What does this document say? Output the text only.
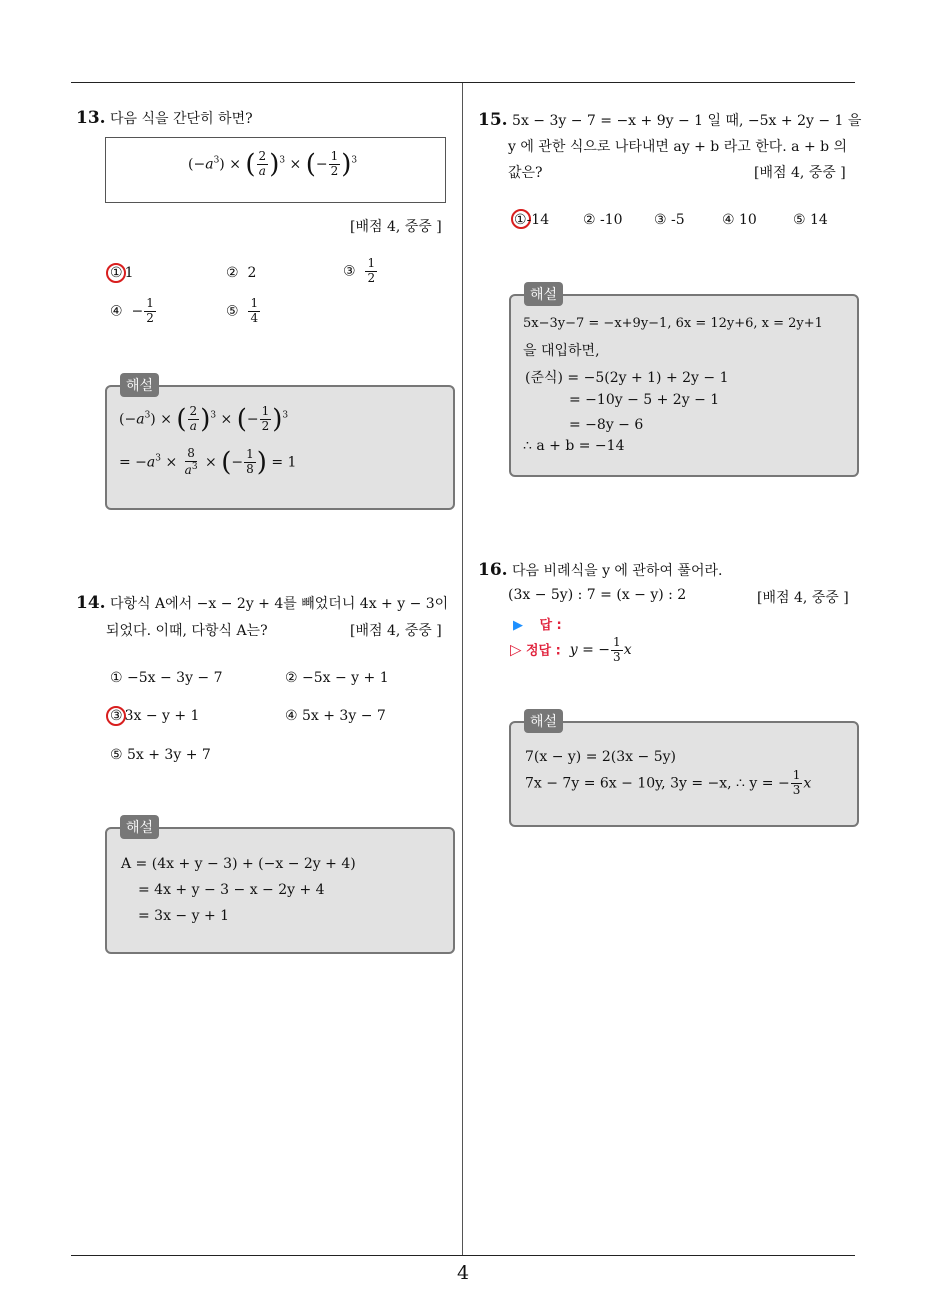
13. 다음 식을 간단히 하면?
$(-a^3)$ × ( $\frac{2}{a} )^3$ × (− $\frac{1}{2} )^3$
[배점 4, 중중 ]
① 1	② 2	③ $\frac{1}{2}$
④  − $\frac{1}{2}$	⑤ $\frac{1}{4}$
$(-a^3)$ × ( $\frac{2}{a} )^3$ × (− $\frac{1}{2} )^3$
= $-a^3 \times \frac{8}{a^3}$ × (− $\frac{1}{8}$ ) = 1
해설
14. 다항식 A에서 −x − 2y + 4를 빼었더니 4x + y − 3이
되었다. 이때, 다항식 A는?	[배점 4, 중중 ]
① −5x − 3y − 7	② −5x − y + 1
③ 3x − y + 1	④ 5x + 3y − 7
⑤ 5x + 3y + 7
A = (4x + y − 3) + (−x − 2y + 4)
= 4x + y − 3 − x − 2y + 4
= 3x − y + 1
해설
15. 5x − 3y − 7 = −x + 9y − 1 일 때, −5x + 2y − 1 을
y 에 관한 식으로 나타내면 ay + b 라고 한다. a + b 의
값은?	[배점 4, 중중 ]
①-14 ② -10 ③ -5	④ 10	⑤ 14
5x−3y−7 = −x+9y−1, 6x = 12y+6, x = 2y+1
을 대입하면,
(준식) = −5(2y + 1) + 2y − 1
= −10y − 5 + 2y − 1
= −8y − 6
∴ a + b = −14
해설
16. 다음 비례식을 y 에 관하여 풀어라.
(3x − 5y) : 7 = (x − y) : 2	[배점 4, 중중 ]
▶ 답 :
▷ 정답 : y = − $\frac{1}{3}$ x
7(x − y) = 2(3x − 5y)
7x − 7y = 6x − 10y, 3y = −x, ∴ y = − $\frac{1}{3}$ x
해설
4
